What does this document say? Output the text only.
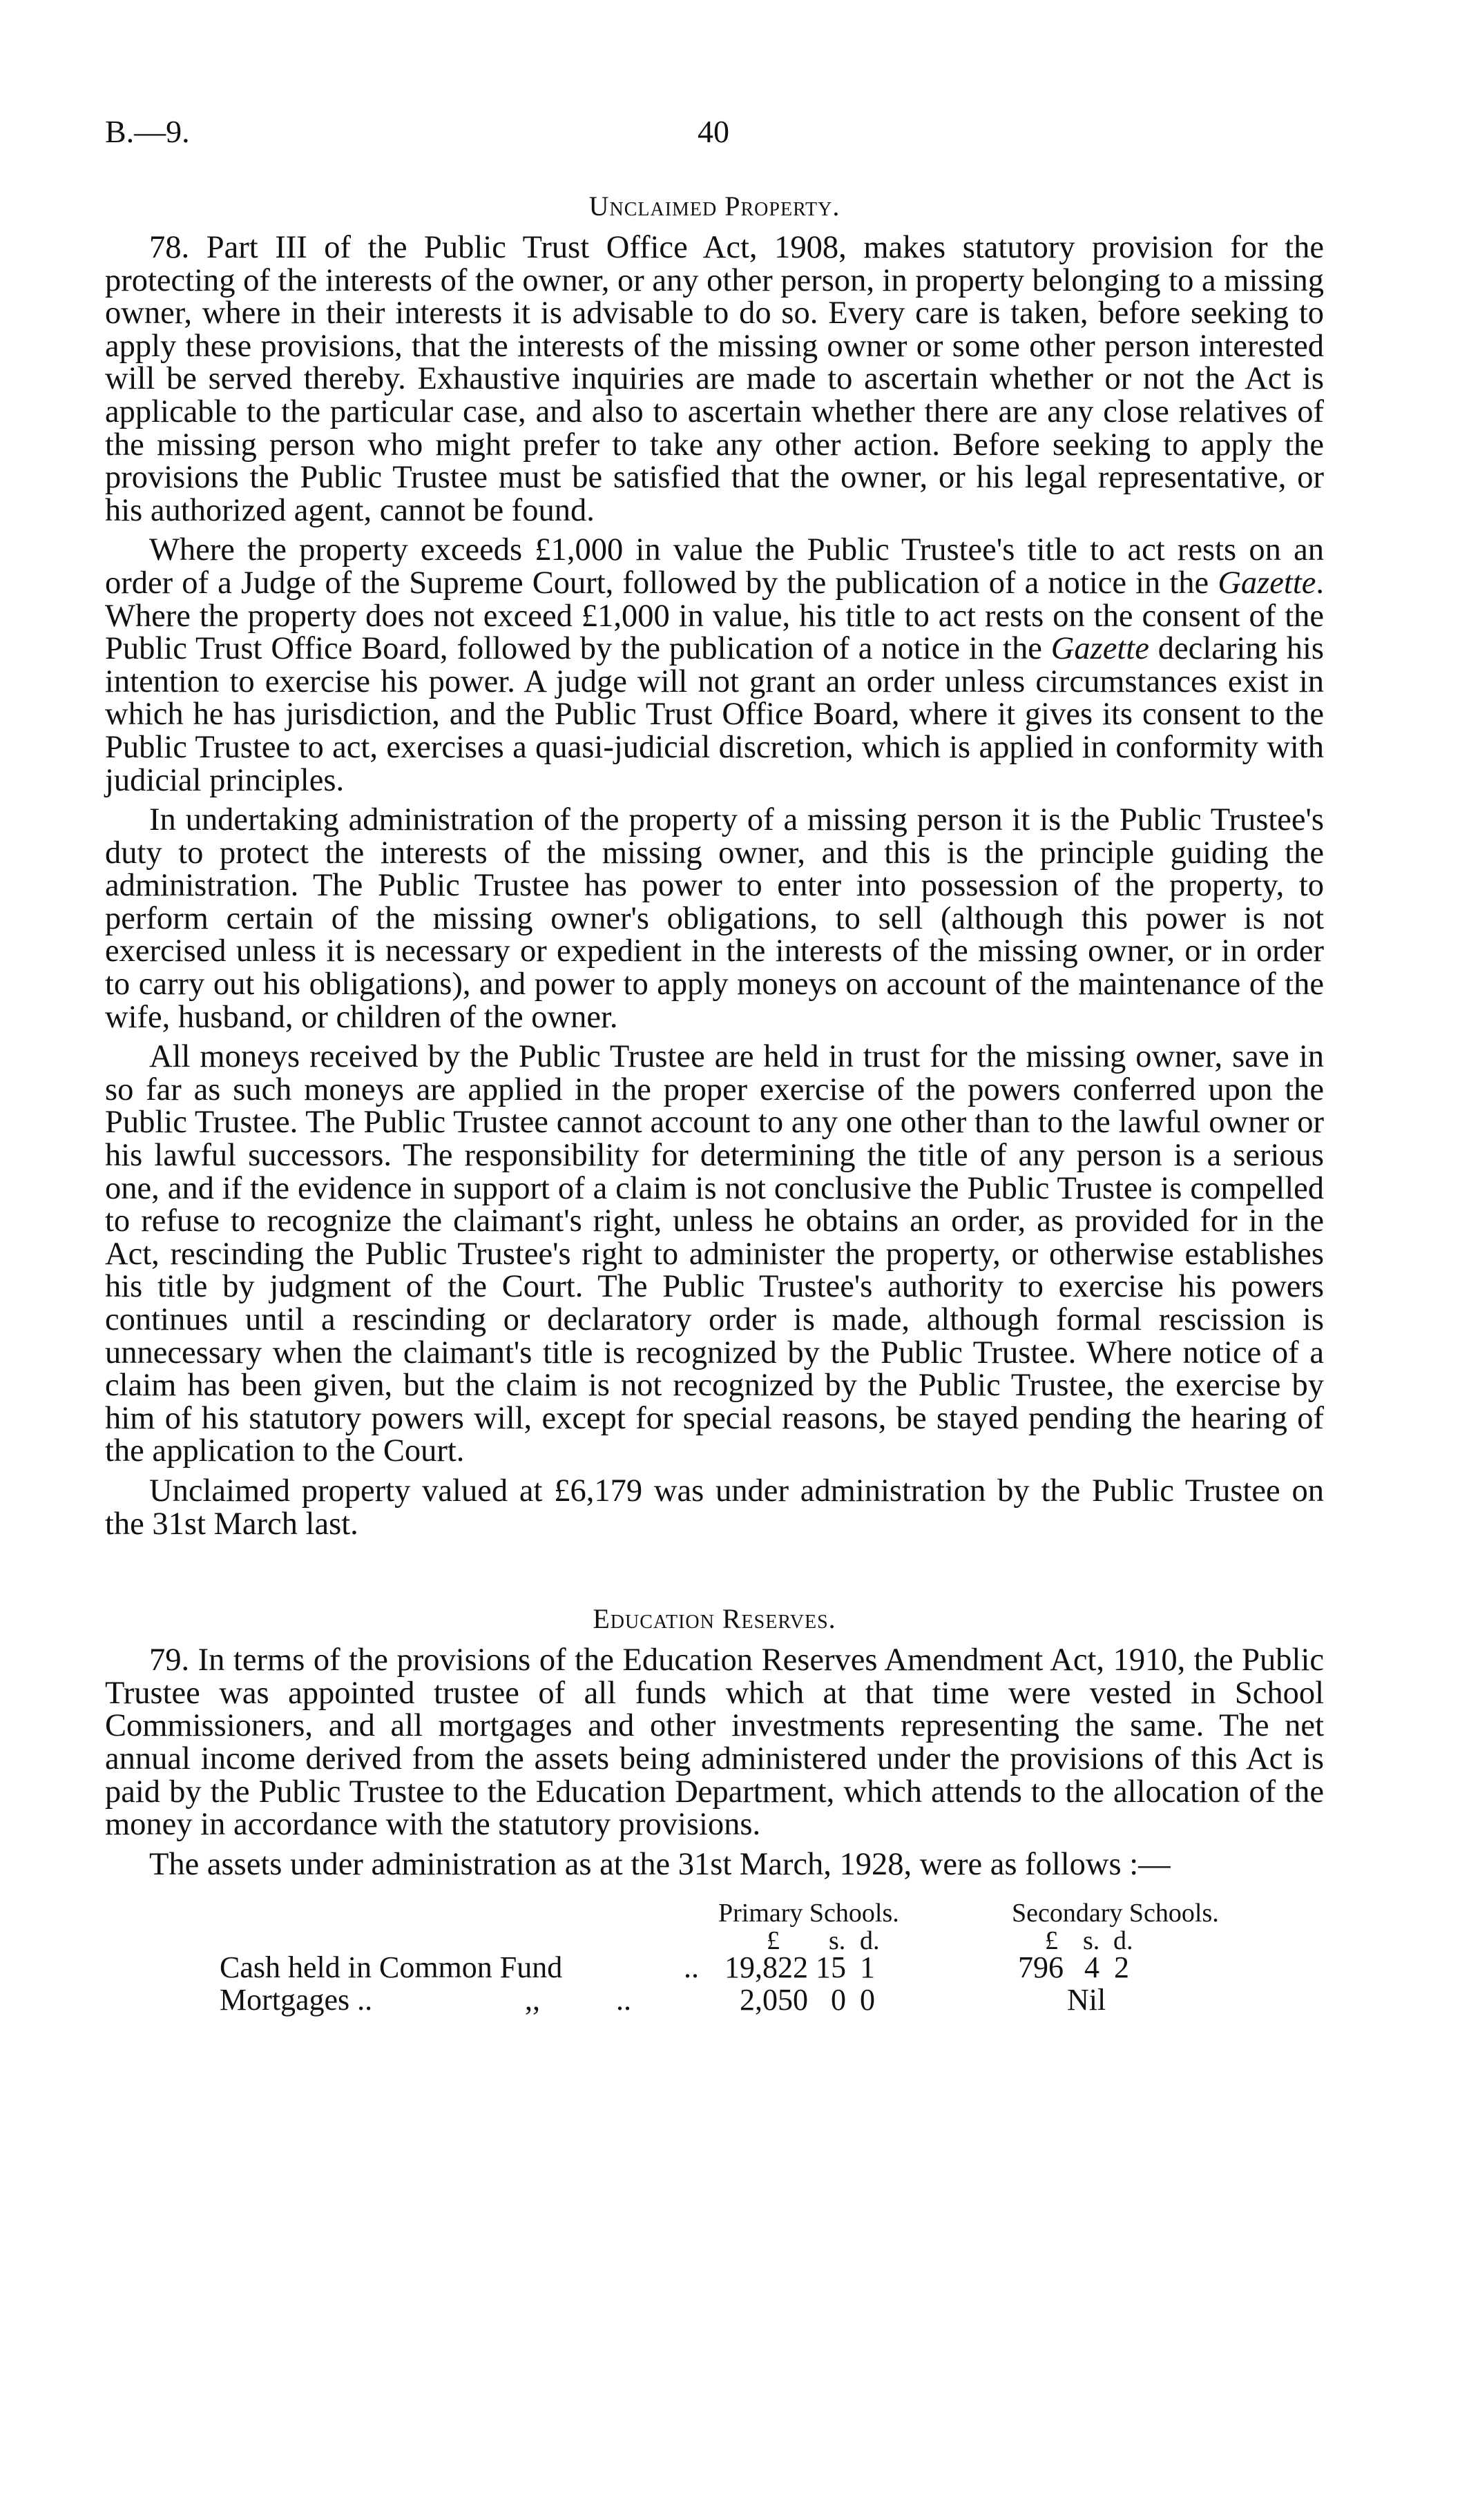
B.—9.	40
Unclaimed Property.

78. Part III of the Public Trust Office Act, 1908, makes statutory provision for the protecting of the interests of the owner, or any other person, in property belonging to a missing owner, where in their interests it is advisable to do so. Every care is taken, before seeking to apply these provisions, that the interests of the missing owner or some other person interested will be served thereby. Exhaustive inquiries are made to ascertain whether or not the Act is applicable to the particular case, and also to ascertain whether there are any close relatives of the missing person who might prefer to take any other action. Before seeking to apply the provisions the Public Trustee must be satisfied that the owner, or his legal representative, or his authorized agent, cannot be found.

Where the property exceeds £1,000 in value the Public Trustee's title to act rests on an order of a Judge of the Supreme Court, followed by the publication of a notice in the Gazette. Where the property does not exceed £1,000 in value, his title to act rests on the consent of the Public Trust Office Board, followed by the publication of a notice in the Gazette declaring his intention to exercise his power. A judge will not grant an order unless circumstances exist in which he has jurisdiction, and the Public Trust Office Board, where it gives its consent to the Public Trustee to act, exercises a quasi-judicial discretion, which is applied in conformity with judicial principles.

In undertaking administration of the property of a missing person it is the Public Trustee's duty to protect the interests of the missing owner, and this is the principle guiding the administration. The Public Trustee has power to enter into possession of the property, to perform certain of the missing owner's obligations, to sell (although this power is not exercised unless it is necessary or expedient in the interests of the missing owner, or in order to carry out his obligations), and power to apply moneys on account of the maintenance of the wife, husband, or children of the owner.

All moneys received by the Public Trustee are held in trust for the missing owner, save in so far as such moneys are applied in the proper exercise of the powers conferred upon the Public Trustee. The Public Trustee cannot account to any one other than to the lawful owner or his lawful successors. The responsibility for determining the title of any person is a serious one, and if the evidence in support of a claim is not conclusive the Public Trustee is compelled to refuse to recognize the claimant's right, unless he obtains an order, as provided for in the Act, rescinding the Public Trustee's right to administer the property, or otherwise establishes his title by judgment of the Court. The Public Trustee's authority to exercise his powers continues until a rescinding or declaratory order is made, although formal rescission is unnecessary when the claimant's title is recognized by the Public Trustee. Where notice of a claim has been given, but the claim is not recognized by the Public Trustee, the exercise by him of his statutory powers will, except for special reasons, be stayed pending the hearing of the application to the Court.

Unclaimed property valued at £6,179 was under administration by the Public Trustee on the 31st March last.

Education Reserves.

79. In terms of the provisions of the Education Reserves Amendment Act, 1910, the Public Trustee was appointed trustee of all funds which at that time were vested in School Commissioners, and all mortgages and other investments representing the same. The net annual income derived from the assets being administered under the provisions of this Act is paid by the Public Trustee to the Education Department, which attends to the allocation of the money in accordance with the statutory provisions.

The assets under administration as at the 31st March, 1928, were as follows :—

Primary Schools.	Secondary Schools.
£ s. d.	£ s. d.
Cash held in Common Fund	.. 19,822 15 1	796 4 2
Mortgages ..	,,          ..	2,050 0 0	Nil
